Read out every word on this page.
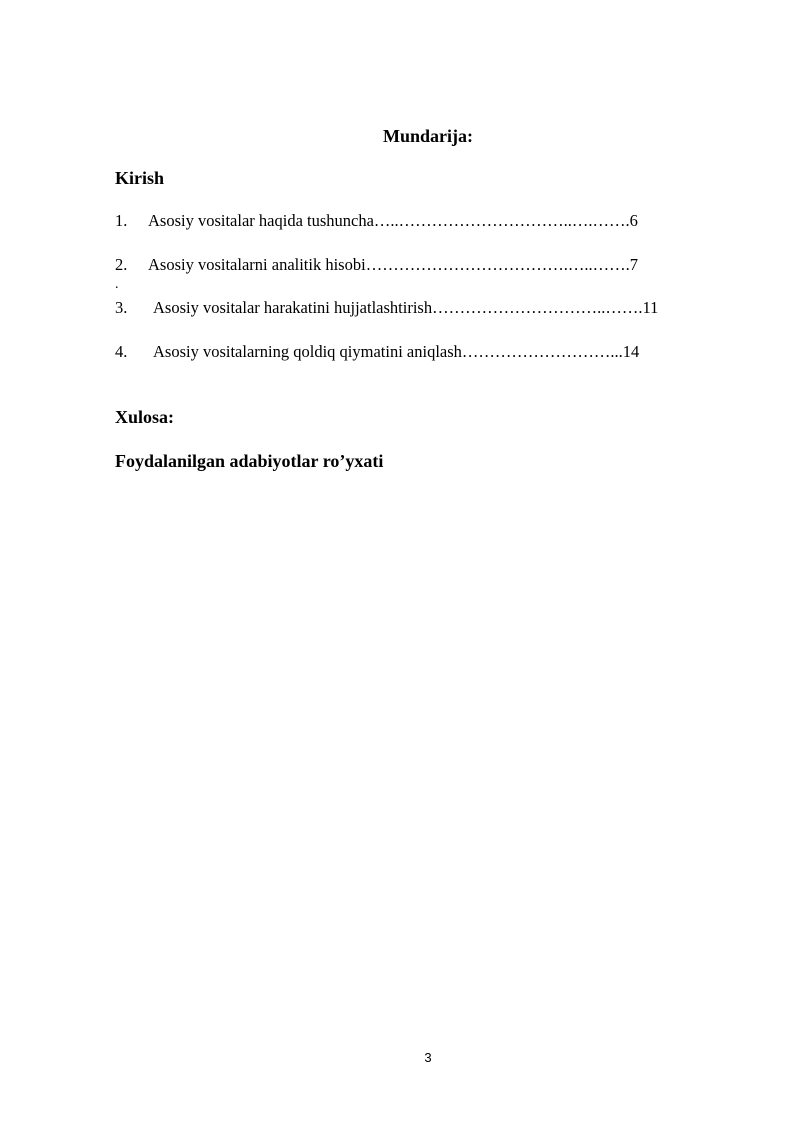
Mundarija:
Kirish
1. Asosiy vositalar haqida tushuncha…..…………………………..….…….6
2. Asosiy vositalarni analitik hisobi……………………………….…..…….7
.
3. Asosiy vositalar harakatini hujjatlashtirish…………………………..…….11
4. Asosiy vositalarning qoldiq qiymatini aniqlash………………………...14
Xulosa:
Foydalanilgan adabiyotlar ro’yxati
3
